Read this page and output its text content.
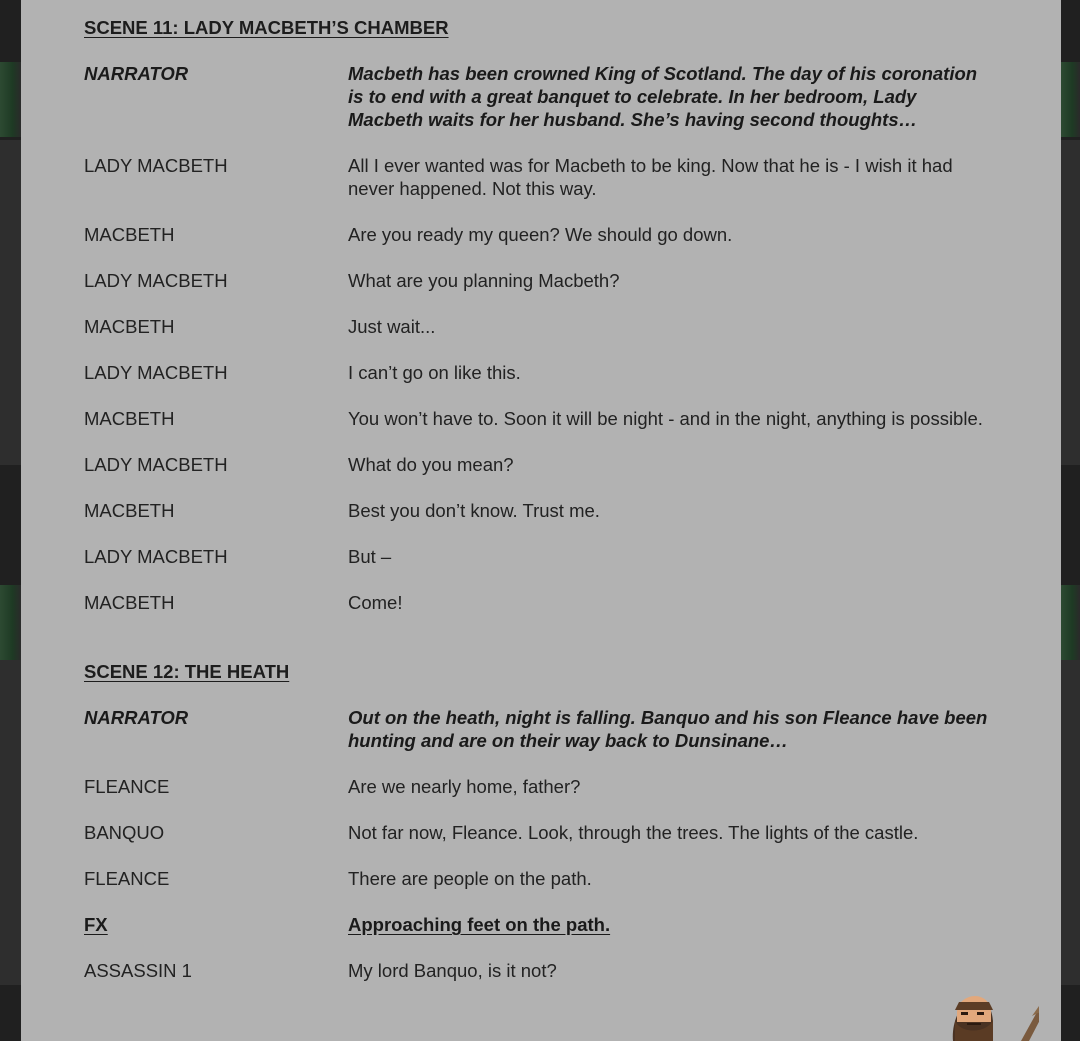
SCENE 11: LADY MACBETH’S CHAMBER
NARRATOR	Macbeth has been crowned King of Scotland. The day of his coronation is to end with a great banquet to celebrate. In her bedroom, Lady Macbeth waits for her husband. She’s having second thoughts…
LADY MACBETH	All I ever wanted was for Macbeth to be king. Now that he is - I wish it had never happened. Not this way.
MACBETH	Are you ready my queen? We should go down.
LADY MACBETH	What are you planning Macbeth?
MACBETH	Just wait...
LADY MACBETH	I can’t go on like this.
MACBETH	You won’t have to. Soon it will be night - and in the night, anything is possible.
LADY MACBETH	What do you mean?
MACBETH	Best you don’t know. Trust me.
LADY MACBETH	But –
MACBETH	Come!
SCENE 12: THE HEATH
NARRATOR	Out on the heath, night is falling. Banquo and his son Fleance have been hunting and are on their way back to Dunsinane…
FLEANCE	Are we nearly home, father?
BANQUO	Not far now, Fleance. Look, through the trees. The lights of the castle.
FLEANCE	There are people on the path.
FX	Approaching feet on the path.
ASSASSIN 1	My lord Banquo, is it not?
